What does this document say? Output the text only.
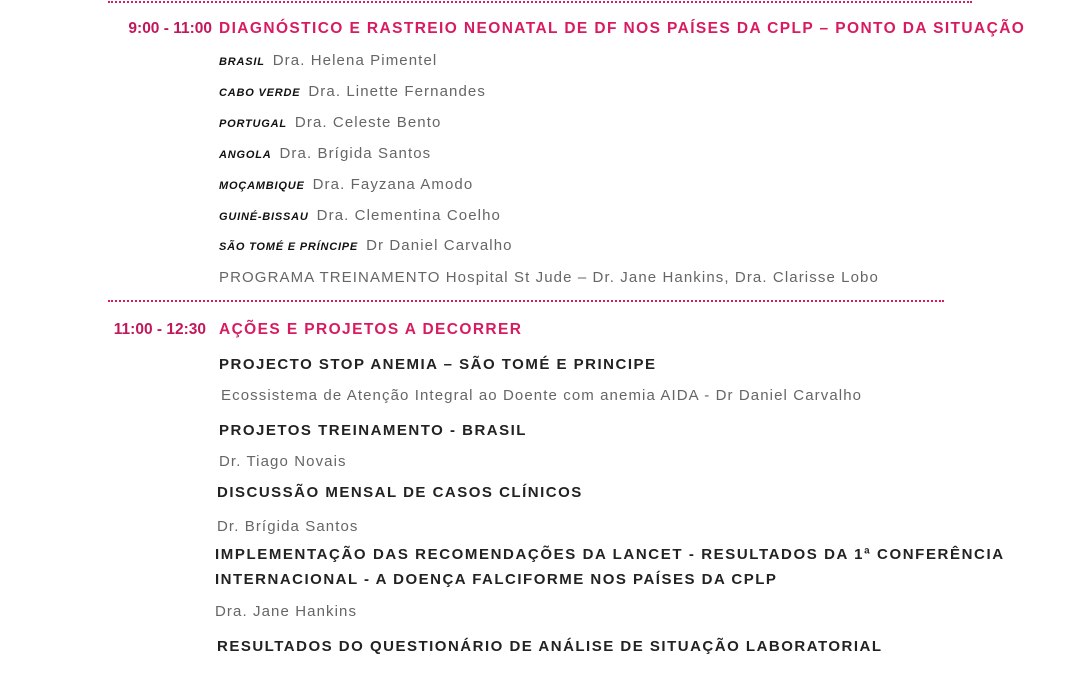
9:00 - 11:00 DIAGNÓSTICO E RASTREIO NEONATAL DE DF NOS PAÍSES DA CPLP – PONTO DA SITUAÇÃO
BRASIL Dra. Helena Pimentel
CABO VERDE Dra. Linette Fernandes
PORTUGAL Dra. Celeste Bento
ANGOLA Dra. Brígida Santos
MOÇAMBIQUE Dra. Fayzana Amodo
GUINÉ-BISSAU Dra. Clementina Coelho
SÃO TOMÉ E PRÍNCIPE Dr Daniel Carvalho
PROGRAMA TREINAMENTO Hospital St Jude – Dr. Jane Hankins, Dra. Clarisse Lobo
11:00 - 12:30 AÇÕES E PROJETOS A DECORRER
PROJECTO STOP ANEMIA – SÃO TOMÉ E PRINCIPE
Ecossistema de Atenção Integral ao Doente com anemia AIDA - Dr Daniel Carvalho
PROJETOS TREINAMENTO - BRASIL
Dr. Tiago Novais
DISCUSSÃO MENSAL DE CASOS CLÍNICOS
Dr. Brígida Santos
IMPLEMENTAÇÃO DAS RECOMENDAÇÕES DA LANCET - RESULTADOS DA 1ª CONFERÊNCIA
INTERNACIONAL - A DOENÇA FALCIFORME NOS PAÍSES DA CPLP
Dra. Jane Hankins
RESULTADOS DO QUESTIONÁRIO DE ANÁLISE DE SITUAÇÃO LABORATORIAL
